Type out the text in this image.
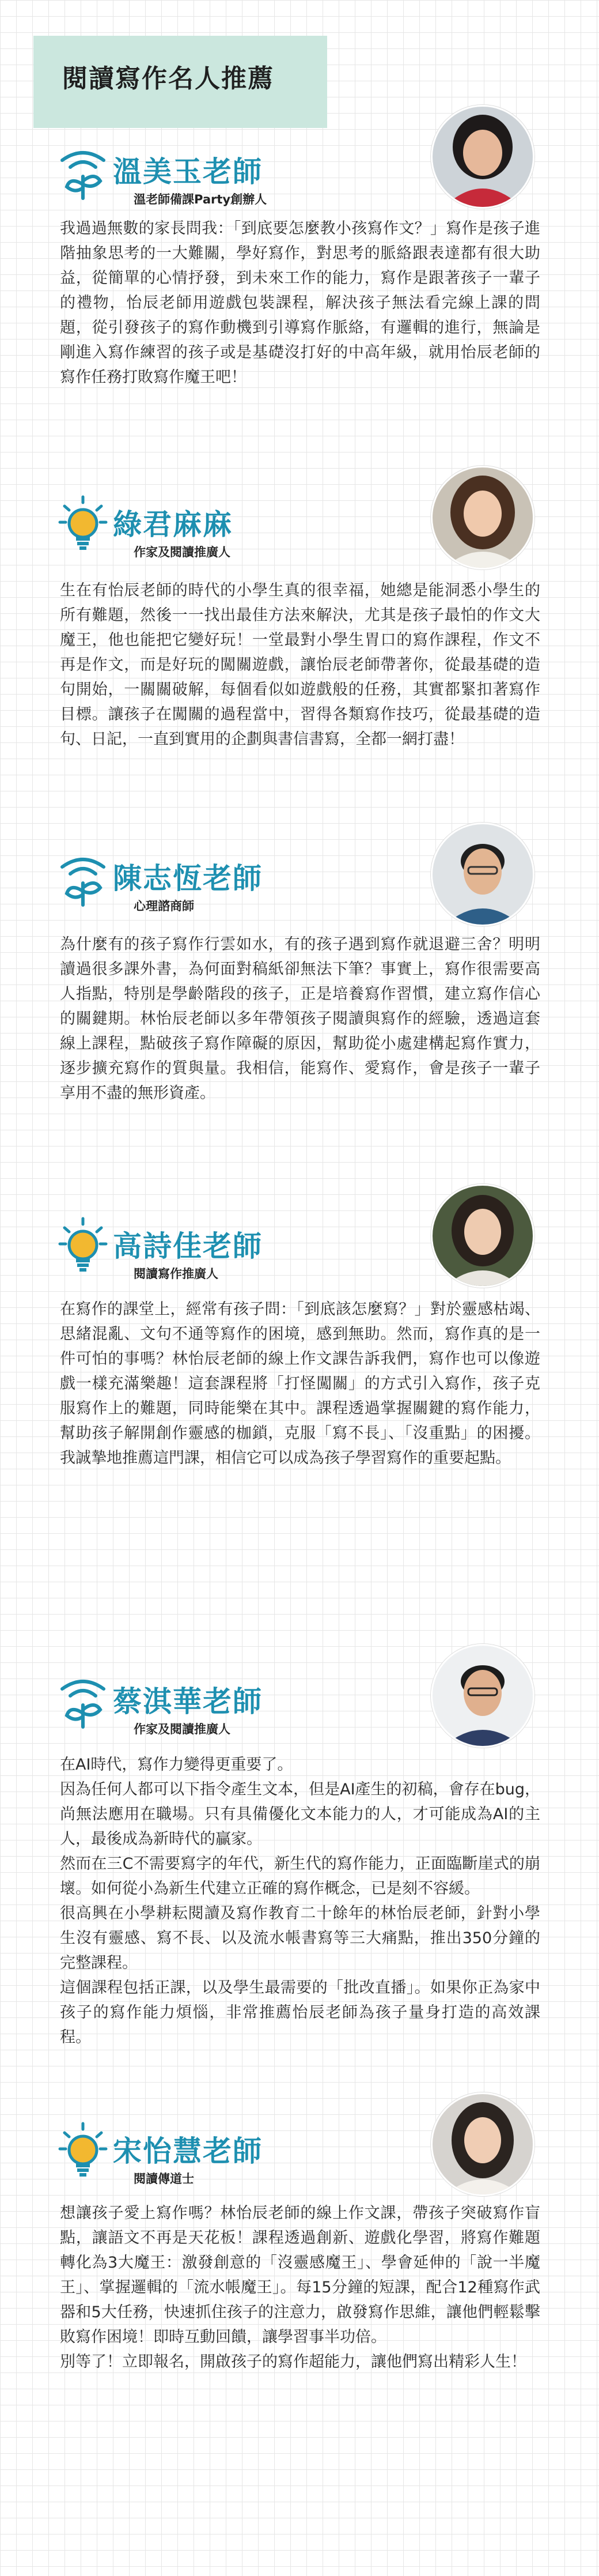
閱讀寫作名人推薦
溫美玉老師
溫老師備課Party創辦人

我過過無數的家長問我：「到底要怎麼教小孩寫作文？」寫作是孩子進階抽象思考的一大難關，學好寫作，對思考的脈絡跟表達都有很大助益，從簡單的心情抒發，到未來工作的能力，寫作是跟著孩子一輩子的禮物，怡辰老師用遊戲包裝課程，解決孩子無法看完線上課的問題，從引發孩子的寫作動機到引導寫作脈絡，有邏輯的進行，無論是剛進入寫作練習的孩子或是基礎沒打好的中高年級，就用怡辰老師的寫作任務打敗寫作魔王吧！

綠君麻麻
作家及閱讀推廣人

生在有怡辰老師的時代的小學生真的很幸福，她總是能洞悉小學生的所有難題，然後一一找出最佳方法來解決，尤其是孩子最怕的作文大魔王，他也能把它變好玩！一堂最對小學生胃口的寫作課程，作文不再是作文，而是好玩的闖關遊戲，讓怡辰老師帶著你，從最基礎的造句開始，一關關破解，每個看似如遊戲般的任務，其實都緊扣著寫作目標。讓孩子在闖關的過程當中，習得各類寫作技巧，從最基礎的造句、日記，一直到實用的企劃與書信書寫，全都一網打盡！

陳志恆老師
心理諮商師

為什麼有的孩子寫作行雲如水，有的孩子遇到寫作就退避三舍？明明讀過很多課外書，為何面對稿紙卻無法下筆？事實上，寫作很需要高人指點，特別是學齡階段的孩子，正是培養寫作習慣，建立寫作信心的關鍵期。林怡辰老師以多年帶領孩子閱讀與寫作的經驗，透過這套線上課程，點破孩子寫作障礙的原因，幫助從小處建構起寫作實力，逐步擴充寫作的質與量。我相信，能寫作、愛寫作，會是孩子一輩子享用不盡的無形資產。

高詩佳老師
閱讀寫作推廣人

在寫作的課堂上，經常有孩子問：「到底該怎麼寫？」對於靈感枯竭、思緒混亂、文句不通等寫作的困境，感到無助。然而，寫作真的是一件可怕的事嗎？林怡辰老師的線上作文課告訴我們，寫作也可以像遊戲一樣充滿樂趣！這套課程將「打怪闖關」的方式引入寫作，孩子克服寫作上的難題，同時能樂在其中。課程透過掌握關鍵的寫作能力，幫助孩子解開創作靈感的枷鎖，克服「寫不長」、「沒重點」的困擾。我誠摯地推薦這門課，相信它可以成為孩子學習寫作的重要起點。

蔡淇華老師
作家及閱讀推廣人

在AI時代，寫作力變得更重要了。

因為任何人都可以下指令產生文本，但是AI產生的初稿，會存在bug，尚無法應用在職場。只有具備優化文本能力的人，才可能成為AI的主人，最後成為新時代的贏家。

然而在三C不需要寫字的年代，新生代的寫作能力，正面臨斷崖式的崩壞。如何從小為新生代建立正確的寫作概念，已是刻不容緩。

很高興在小學耕耘閱讀及寫作教育二十餘年的林怡辰老師，針對小學生沒有靈感、寫不長、以及流水帳書寫等三大痛點，推出350分鐘的完整課程。

這個課程包括正課，以及學生最需要的「批改直播」。如果你正為家中孩子的寫作能力煩惱，非常推薦怡辰老師為孩子量身打造的高效課程。

宋怡慧老師
閱讀傳道士

想讓孩子愛上寫作嗎？林怡辰老師的線上作文課，帶孩子突破寫作盲點，讓語文不再是天花板！課程透過創新、遊戲化學習，將寫作難題轉化為3大魔王：激發創意的「沒靈感魔王」、學會延伸的「說一半魔王」、掌握邏輯的「流水帳魔王」。每15分鐘的短課，配合12種寫作武器和5大任務，快速抓住孩子的注意力，啟發寫作思維，讓他們輕鬆擊敗寫作困境！即時互動回饋，讓學習事半功倍。

別等了！立即報名，開啟孩子的寫作超能力，讓他們寫出精彩人生！
